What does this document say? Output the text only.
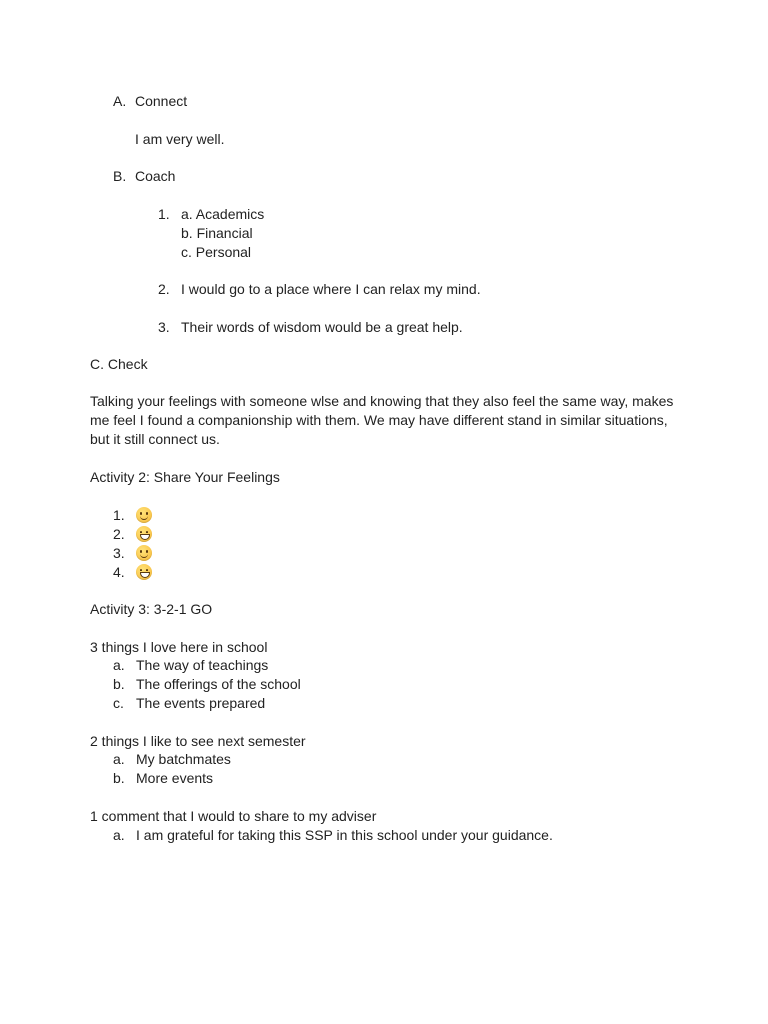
A. Connect
I am very well.
B. Coach
1. a. Academics
b. Financial
c. Personal
2. I would go to a place where I can relax my mind.
3. Their words of wisdom would be a great help.
C. Check
Talking your feelings with someone wlse and knowing that they also feel the same way, makes me feel I found a companionship with them. We may have different stand in similar situations, but it still connect us.
Activity 2: Share Your Feelings
1.
2.
3.
4.
Activity 3: 3-2-1 GO
3 things I love here in school
a. The way of teachings
b. The offerings of the school
c. The events prepared
2 things I like to see next semester
a. My batchmates
b. More events
1 comment that I would to share to my adviser
a. I am grateful for taking this SSP in this school under your guidance.
